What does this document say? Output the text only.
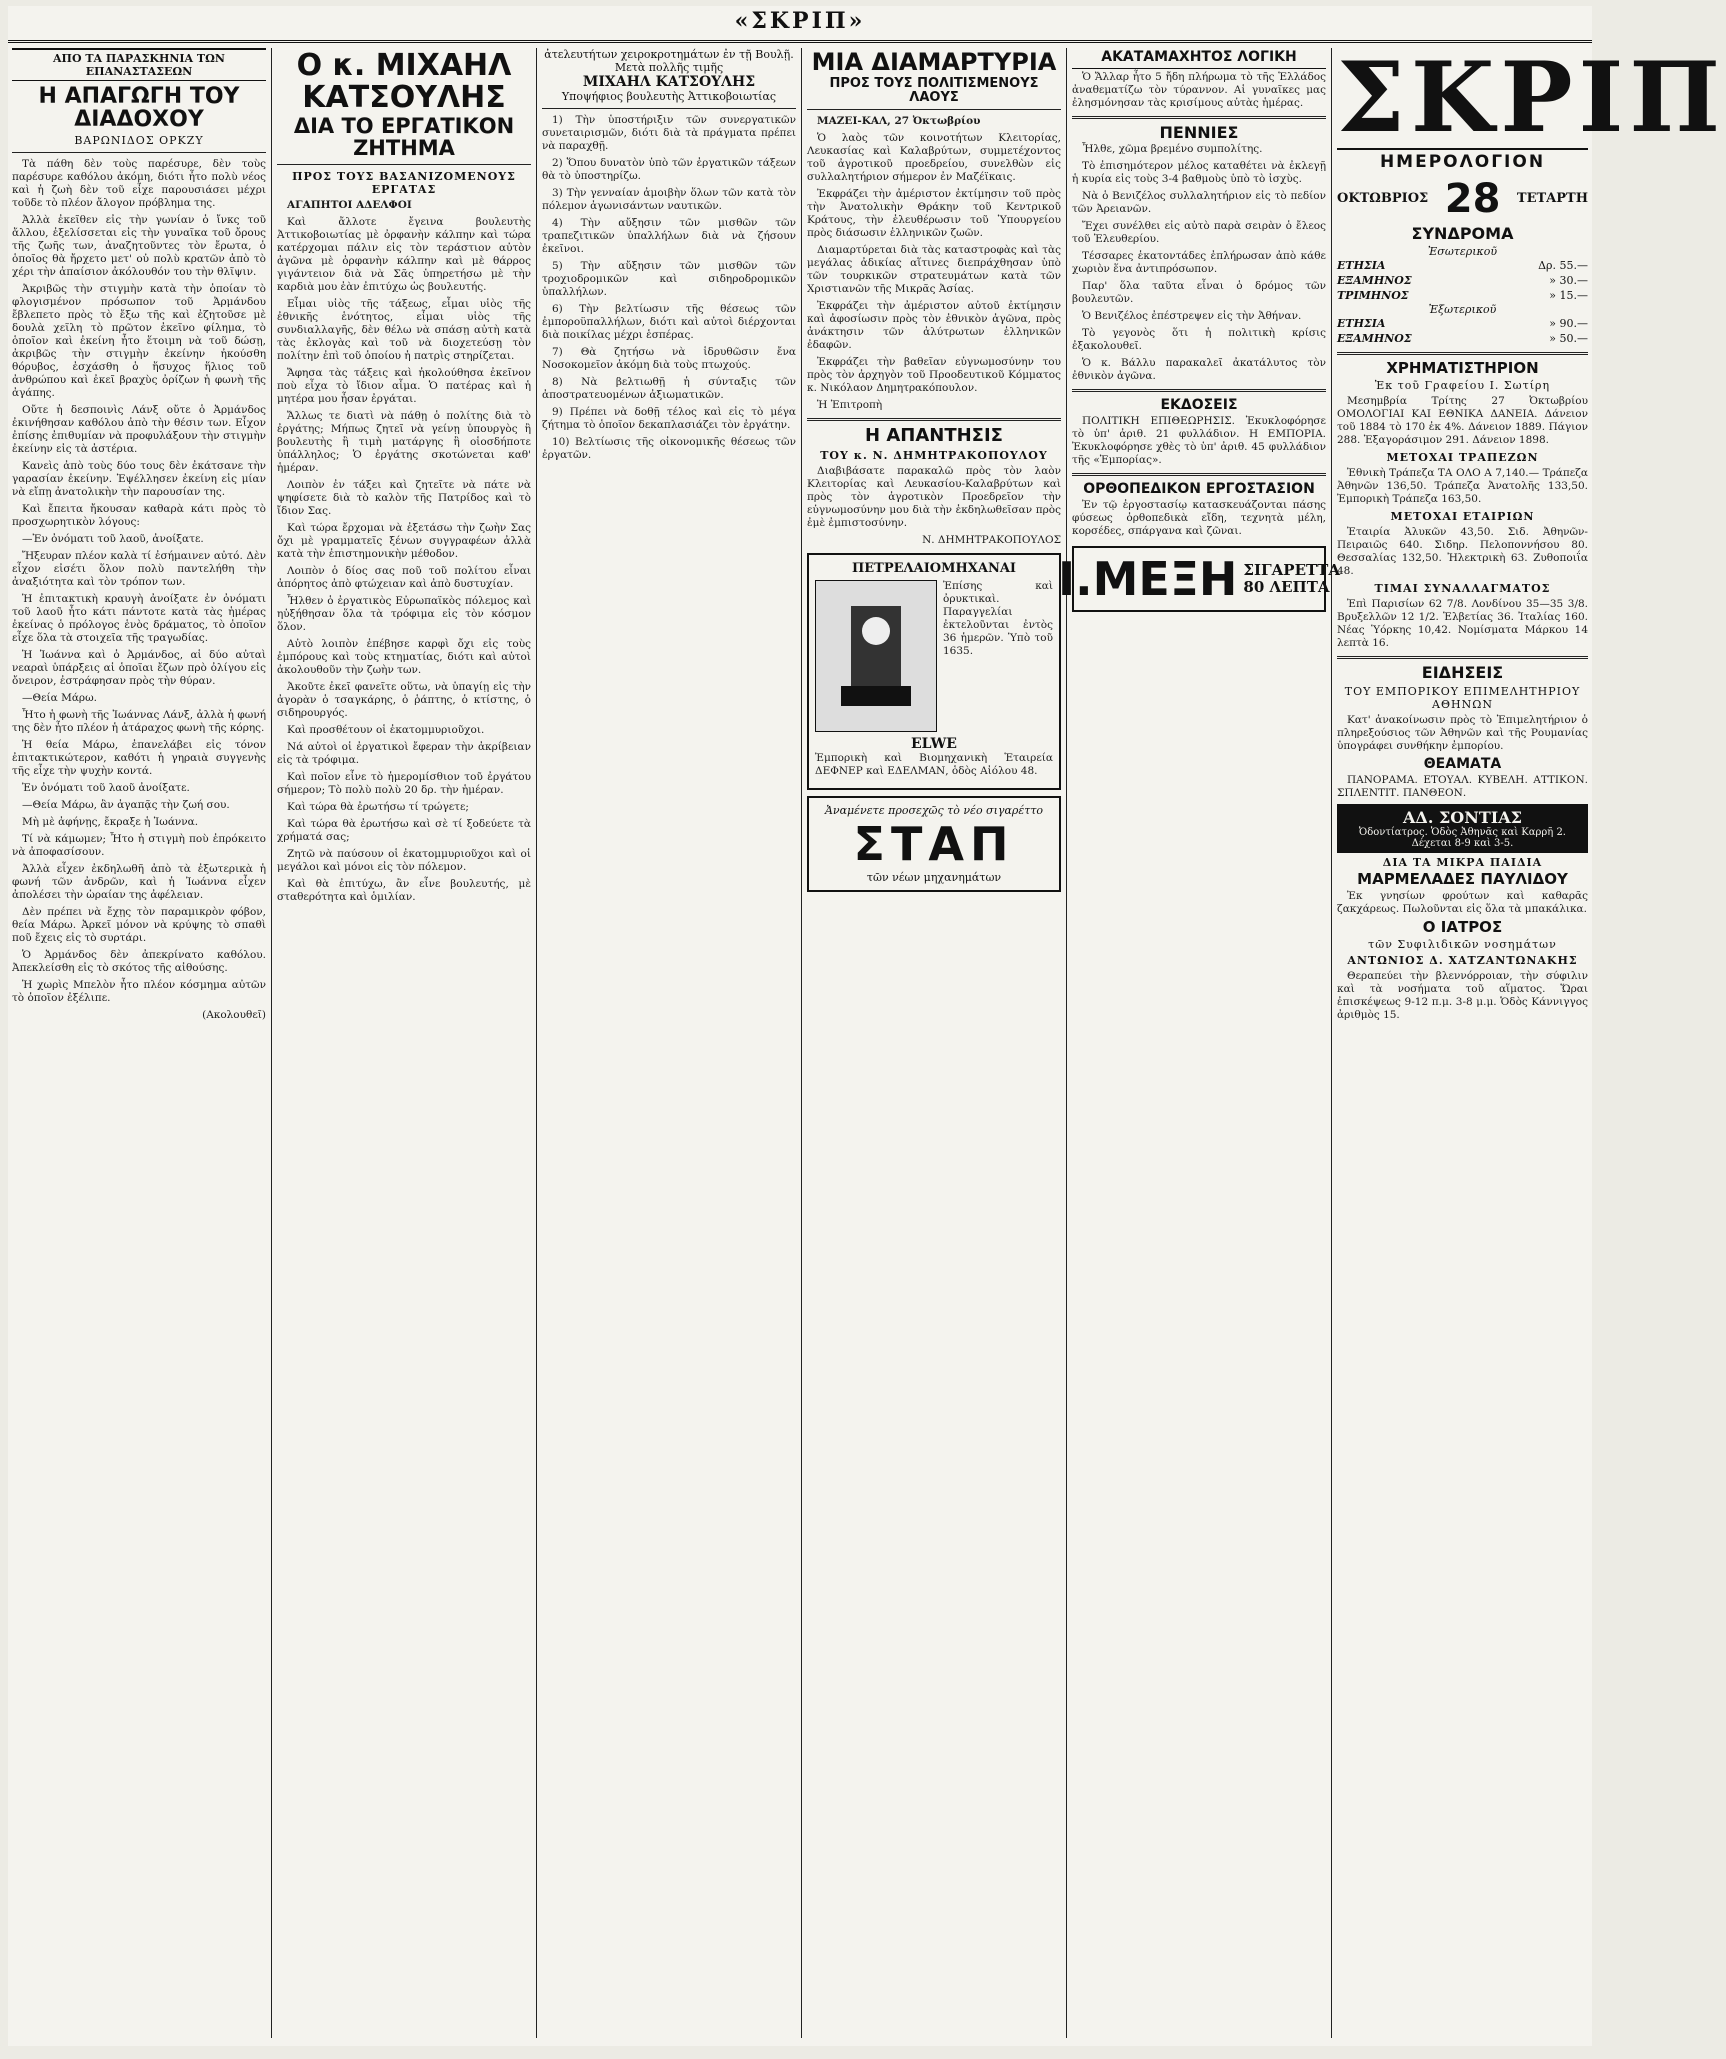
«ΣΚΡΙΠ»
ΑΠΟ ΤΑ ΠΑΡΑΣΚΗΝΙΑ ΤΩΝ ΕΠΑΝΑΣΤΑΣΕΩΝ
Η ΑΠΑΓΩΓΗ ΤΟΥ ΔΙΑΔΟΧΟΥ
ΒΑΡΩΝΙΔΟΣ ΟΡΚΖΥ
Τὰ πάθη δὲν τοὺς παρέσυρε, δὲν τοὺς παρέσυρε καθόλου ἀκόμη, διότι ἦτο πολὺ νέος καὶ ἡ ζωὴ δὲν τοῦ εἶχε παρουσιάσει μέχρι τοῦδε τὸ πλέον ἄλογον πρόβλημα της.
Ἀλλὰ ἐκεῖθεν εἰς τὴν γωνίαν ὁ ἴνκς τοῦ ἄλλου, ἐξελίσσεται εἰς τὴν γυναῖκα τοῦ ὄρους τῆς ζωῆς των, ἀναζητοῦντες τὸν ἔρωτα, ὁ ὁποῖος θὰ ἤρχετο μετ' οὐ πολὺ κρατῶν ἀπὸ τὸ χέρι τὴν ἀπαίσιον ἀκόλουθόν του τὴν θλῖψιν.
Ἀκριβῶς τὴν στιγμὴν κατὰ τὴν ὁποίαν τὸ φλογισμένον πρόσωπον τοῦ Ἀρμάνδου ἔβλεπετο πρὸς τὸ ἔξω τῆς καὶ ἐζητοῦσε μὲ δουλὰ χεῖλη τὸ πρῶτον ἐκεῖνο φίλημα, τὸ ὁποῖον καὶ ἐκείνη ἦτο ἕτοιμη νὰ τοῦ δώσῃ, ἀκριβῶς τὴν στιγμὴν ἐκείνην ἠκούσθη θόρυβος, ἐσχάσθη ὁ ἥσυχος ἥλιος τοῦ ἀνθρώπου καὶ ἐκεῖ βραχὺς ὀρίζων ἡ φωνὴ τῆς ἀγάπης.
Οὔτε ἡ δεσποινὶς Λάνξ οὔτε ὁ Ἀρμάνδος ἐκινήθησαν καθόλου ἀπὸ τὴν θέσιν των. Εἶχον ἐπίσης ἐπιθυμίαν νὰ προφυλάξουν τὴν στιγμὴν ἐκείνην εἰς τὰ ἀστέρια.
Κανεὶς ἀπὸ τοὺς δύο τους δὲν ἐκάτσανε τὴν γαρασίαν ἐκείνην. Ἐψέλλησεν ἐκείνη εἰς μίαν νὰ εἴπῃ ἀνατολικὴν τὴν παρουσίαν της.
Καὶ ἔπειτα ἤκουσαν καθαρὰ κάτι πρὸς τὸ προσχωρητικὸν λόγους:
—Ἐν ὀνόματι τοῦ λαοῦ, ἀνοίξατε.
Ἤξευραν πλέον καλὰ τί ἐσήμαινεν αὐτό. Δὲν εἶχον εἰσέτι ὅλον πολὺ παντελήθη τὴν ἀναξιότητα καὶ τὸν τρόπον των.
Ἡ ἐπιτακτικὴ κραυγὴ ἀνοίξατε ἐν ὀνόματι τοῦ λαοῦ ἦτο κάτι πάντοτε κατὰ τὰς ἡμέρας ἐκείνας ὁ πρόλογος ἑνὸς δράματος, τὸ ὁποῖον εἶχε ὅλα τὰ στοιχεῖα τῆς τραγωδίας.
Ἡ Ἰωάννα καὶ ὁ Ἀρμάνδος, αἱ δύο αὐταὶ νεαραὶ ὑπάρξεις αἱ ὁποῖαι ἔζων πρὸ ὀλίγου εἰς ὄνειρον, ἐστράφησαν πρὸς τὴν θύραν.
—Θεία Μάρω.
Ἦτο ἡ φωνὴ τῆς Ἰωάννας Λάνξ, ἀλλὰ ἡ φωνή της δὲν ἦτο πλέον ἡ ἀτάραχος φωνὴ τῆς κόρης.
Ἡ θεία Μάρω, ἐπανελάβει εἰς τόνον ἐπιτακτικώτερον, καθότι ἡ γηραιὰ συγγενὴς τῆς εἶχε τὴν ψυχὴν κοντά.
Ἐν ὀνόματι τοῦ λαοῦ ἀνοίξατε.
—Θεία Μάρω, ἂν ἀγαπᾷς τὴν ζωή σου.
Μὴ μὲ ἀφήνῃς, ἔκραξε ἡ Ἰωάννα.
Τί νὰ κάμωμεν; Ἦτο ἡ στιγμὴ ποὺ ἐπρόκειτο νὰ ἀποφασίσουν.
Ἀλλὰ εἶχεν ἐκδηλωθῆ ἀπὸ τὰ ἐξωτερικὰ ἡ φωνή τῶν ἀνδρῶν, καὶ ἡ Ἰωάννα εἶχεν ἀπολέσει τὴν ὡραίαν της ἀφέλειαν.
Δὲν πρέπει νὰ ἔχῃς τὸν παραμικρὸν φόβον, θεία Μάρω. Ἀρκεῖ μόνον νὰ κρύψης τὸ σπαθὶ ποῦ ἔχεις εἰς τὸ συρτάρι.
Ὁ Ἀρμάνδος δὲν ἀπεκρίνατο καθόλου. Ἀπεκλείσθη εἰς τὸ σκότος τῆς αἰθούσης.
Ἡ χωρὶς Μπελὸν ἦτο πλέον κόσμημα αὐτῶν τὸ ὁποῖον ἐξέλιπε.
(Ακολουθεῖ)
Ο κ. ΜΙΧΑΗΛ ΚΑΤΣΟΥΛΗΣ
ΔΙΑ ΤΟ ΕΡΓΑΤΙΚΟΝ ΖΗΤΗΜΑ
ΠΡΟΣ ΤΟΥΣ ΒΑΣΑΝΙΖΟΜΕΝΟΥΣ ΕΡΓΑΤΑΣ
ΑΓΑΠΗΤΟΙ ΑΔΕΛΦΟΙ
Καὶ ἄλλοτε ἔγεινα βουλευτὴς Ἀττικοβοιωτίας μὲ ὀρφανὴν κάλπην καὶ τώρα κατέρχομαι πάλιν εἰς τὸν τεράστιον αὐτὸν ἀγῶνα μὲ ὀρφανὴν κάλπην καὶ μὲ θάρρος γιγάντειον διὰ νὰ Σᾶς ὑπηρετήσω μὲ τὴν καρδιὰ μου ἐὰν ἐπιτύχω ὡς βουλευτής.
Εἶμαι υἱὸς τῆς τάξεως, εἶμαι υἱὸς τῆς ἐθνικῆς ἑνότητος, εἶμαι υἱὸς τῆς συνδιαλλαγῆς, δὲν θέλω νὰ σπάσῃ αὐτὴ κατὰ τὰς ἐκλογὰς καὶ τοῦ νὰ διοχετεύσῃ τὸν πολίτην ἐπὶ τοῦ ὁποίου ἡ πατρὶς στηρίζεται.
Ἄφησα τὰς τάξεις καὶ ἠκολούθησα ἐκεῖνον ποὺ εἶχα τὸ ἴδιον αἷμα. Ὁ πατέρας καὶ ἡ μητέρα μου ἦσαν ἐργάται.
Ἄλλως τε διατὶ νὰ πάθῃ ὁ πολίτης διὰ τὸ ἐργάτης; Μήπως ζητεῖ νὰ γείνῃ ὑπουργὸς ἢ βουλευτὴς ἢ τιμὴ ματάργης ἢ οἱοσδήποτε ὑπάλληλος; Ὁ ἐργάτης σκοτώνεται καθ' ἡμέραν.
Λοιπὸν ἐν τάξει καὶ ζητεῖτε νὰ πάτε νὰ ψηφίσετε διὰ τὸ καλὸν τῆς Πατρίδος καὶ τὸ ἴδιον Σας.
Καὶ τώρα ἔρχομαι νὰ ἐξετάσω τὴν ζωὴν Σας ὄχι μὲ γραμματεῖς ξένων συγγραφέων ἀλλὰ κατὰ τὴν ἐπιστημονικὴν μέθοδον.
Λοιπὸν ὁ δίος σας ποῦ τοῦ πολίτου εἶναι ἀπόρητος ἀπὸ φτώχειαν καὶ ἀπὸ δυστυχίαν.
Ἦλθεν ὁ ἐργατικὸς Εὐρωπαϊκὸς πόλεμος καὶ ηὐξήθησαν ὅλα τὰ τρόφιμα εἰς τὸν κόσμον ὅλον.
Αὐτὸ λοιπὸν ἐπέβησε καρφὶ ὄχι εἰς τοὺς ἐμπόρους καὶ τοὺς κτηματίας, διότι καὶ αὐτοὶ ἀκολουθοῦν τὴν ζωὴν των.
Ἀκοῦτε ἐκεῖ φανεῖτε οὕτω, νὰ ὑπαγίῃ εἰς τὴν ἀγορὰν ὁ τσαγκάρης, ὁ ῥάπτης, ὁ κτίστης, ὁ σιδηρουργός.
Καὶ προσθέτουν οἱ ἐκατομμυριοῦχοι.
Νά αὐτοὶ οἱ ἐργατικοὶ ἔφεραν τὴν ἀκρίβειαν εἰς τὰ τρόφιμα.
Καὶ ποῖον εἶνε τὸ ἡμερομίσθιον τοῦ ἐργάτου σήμερον; Τὸ πολὺ πολὺ 20 δρ. τὴν ἡμέραν.
Καὶ τώρα θὰ ἐρωτήσω τί τρώγετε;
Καὶ τώρα θὰ ἐρωτήσω καὶ σὲ τί ξοδεύετε τὰ χρήματά σας;
Ζητῶ νὰ παύσουν οἱ ἐκατομμυριοῦχοι καὶ οἱ μεγάλοι καὶ μόνοι εἰς τὸν πόλεμον.
Καὶ θὰ ἐπιτύχω, ἂν εἶνε βουλευτής, μὲ σταθερότητα καὶ ὁμιλίαν.
ἀτελευτήτων χειροκροτημάτων ἐν τῇ Βουλῇ.
Μετὰ πολλῆς τιμῆς
ΜΙΧΑΗΛ ΚΑΤΣΟΥΛΗΣ
Υποψήφιος βουλευτὴς Ἀττικοβοιωτίας
1) Τὴν ὑποστήριξιν τῶν συνεργατικῶν συνεταιρισμῶν, διότι διὰ τὰ πράγματα πρέπει νὰ παραχθῇ.
2) Ὅπου δυνατὸν ὑπὸ τῶν ἐργατικῶν τάξεων θὰ τὸ ὑποστηρίζω.
3) Τὴν γενναίαν ἀμοιβὴν ὅλων τῶν κατὰ τὸν πόλεμον ἀγωνισάντων ναυτικῶν.
4) Τὴν αὔξησιν τῶν μισθῶν τῶν τραπεζιτικῶν ὑπαλλήλων διὰ νὰ ζήσουν ἐκεῖνοι.
5) Τὴν αὔξησιν τῶν μισθῶν τῶν τροχιοδρομικῶν καὶ σιδηροδρομικῶν ὑπαλλήλων.
6) Τὴν βελτίωσιν τῆς θέσεως τῶν ἐμποροϋπαλλήλων, διότι καὶ αὐτοὶ διέρχονται διὰ ποικίλας μέχρι ἑσπέρας.
7) Θὰ ζητήσω νὰ ἱδρυθῶσιν ἔνα Νοσοκομεῖον ἀκόμη διὰ τοὺς πτωχούς.
8) Νὰ βελτιωθῇ ἡ σύνταξις τῶν ἀποστρατευομένων ἀξιωματικῶν.
9) Πρέπει νὰ δοθῇ τέλος καὶ εἰς τὸ μέγα ζήτημα τὸ ὁποῖον δεκαπλασιάζει τὸν ἐργάτην.
10) Βελτίωσις τῆς οἰκονομικῆς θέσεως τῶν ἐργατῶν.
ΜΙΑ ΔΙΑΜΑΡΤΥΡΙΑ
ΠΡΟΣ ΤΟΥΣ ΠΟΛΙΤΙΣΜΕΝΟΥΣ ΛΑΟΥΣ
ΜΑΖΕΙ-ΚΑΛ, 27 Ὀκτωβρίου
Ὁ λαὸς τῶν κοινοτήτων Κλειτορίας, Λευκασίας καὶ Καλαβρύτων, συμμετέχοντος τοῦ ἀγροτικοῦ προεδρείου, συνελθὼν εἰς συλλαλητήριον σήμερον ἐν Μαζέϊκαις.
Ἐκφράζει τὴν ἀμέριστον ἐκτίμησιν τοῦ πρὸς τὴν Ἀνατολικὴν Θράκην τοῦ Κεντρικοῦ Κράτους, τὴν ἐλευθέρωσιν τοῦ Ὑπουργείου πρὸς διάσωσιν ἑλληνικῶν ζωῶν.
Διαμαρτύρεται διὰ τὰς καταστροφὰς καὶ τὰς μεγάλας ἀδικίας αἵτινες διεπράχθησαν ὑπὸ τῶν τουρκικῶν στρατευμάτων κατὰ τῶν Χριστιανῶν τῆς Μικρᾶς Ἀσίας.
Ἐκφράζει τὴν ἀμέριστον αὐτοῦ ἐκτίμησιν καὶ ἀφοσίωσιν πρὸς τὸν ἐθνικὸν ἀγῶνα, πρὸς ἀνάκτησιν τῶν ἀλύτρωτων ἑλληνικῶν ἐδαφῶν.
Ἐκφράζει τὴν βαθεῖαν εὐγνωμοσύνην του πρὸς τὸν ἀρχηγὸν τοῦ Προοδευτικοῦ Κόμματος κ. Νικόλαον Δημητρακόπουλον.
Ἡ Ἐπιτροπὴ
Η ΑΠΑΝΤΗΣΙΣ
ΤΟΥ κ. Ν. ΔΗΜΗΤΡΑΚΟΠΟΥΛΟΥ
Διαβιβάσατε παρακαλῶ πρὸς τὸν λαὸν Κλειτορίας καὶ Λευκασίου-Καλαβρύτων καὶ πρὸς τὸν ἀγροτικὸν Προεδρεῖον τὴν εὐγνωμοσύνην μου διὰ τὴν ἐκδηλωθεῖσαν πρὸς ἐμὲ ἐμπιστοσύνην.
Ν. ΔΗΜΗΤΡΑΚΟΠΟΥΛΟΣ
ΠΕΤΡΕΛΑΙΟΜΗΧΑΝΑΙ
Ἐπίσης καὶ ὀρυκτικαὶ. Παραγγελίαι ἐκτελοῦνται ἐντὸς 36 ἡμερῶν. Ὑπὸ τοῦ 1635.
ELWE
Ἐμπορικὴ καὶ Βιομηχανικὴ Ἑταιρεία ΔΕΦΝΕΡ καὶ ΕΔΕΛΜΑΝ, ὁδὸς Αἰόλου 48.
Ἀναμένετε προσεχῶς τὸ νέο σιγαρέττο
ΣΤΑΠ
τῶν νέων μηχανημάτων
ΑΚΑΤΑΜΑΧΗΤΟΣ ΛΟΓΙΚΗ
Ὁ Ἄλλαρ ἦτο 5 ἤδη πλήρωμα τὸ τῆς Ἑλλάδος ἀναθεματίζω τὸν τύραννον. Αἱ γυναῖκες μας ἐλησμόνησαν τὰς κρισίμους αὐτὰς ἡμέρας.
ΠΕΝΝΙΕΣ
Ἦλθε, χῶμα βρεμένο συμπολίτης.
Τὸ ἐπισημότερον μέλος καταθέτει νὰ ἐκλεγῇ ἡ κυρία εἰς τοὺς 3-4 βαθμοὺς ὑπὸ τὸ ἰσχὺς.
Νὰ ὁ Βενιζέλος συλλαλητήριον εἰς τὸ πεδίον τῶν Ἀρειανῶν.
Ἔχει συνέλθει εἰς αὐτὸ παρὰ σειρὰν ὁ ἔλεος τοῦ Ἐλευθερίου.
Τέσσαρες ἑκατοντάδες ἐπλήρωσαν ἀπὸ κάθε χωριὸν ἕνα ἀντιπρόσωπον.
Παρ' ὅλα ταῦτα εἶναι ὁ δρόμος τῶν βουλευτῶν.
Ὁ Βενιζέλος ἐπέστρεψεν εἰς τὴν Ἀθήναν.
Τὸ γεγονὸς ὅτι ἡ πολιτικὴ κρίσις ἐξακολουθεῖ.
Ὁ κ. Βάλλυ παρακαλεῖ ἀκατάλυτος τὸν ἐθνικὸν ἀγῶνα.
ΕΚΔΟΣΕΙΣ
ΠΟΛΙΤΙΚΗ ΕΠΙΘΕΩΡΗΣΙΣ. Ἐκυκλοφόρησε τὸ ὑπ' ἀριθ. 21 φυλλάδιον. Η ΕΜΠΟΡΙΑ. Ἐκυκλοφόρησε χθὲς τὸ ὑπ' ἀριθ. 45 φυλλάδιον τῆς «Ἐμπορίας».
ΟΡΘΟΠΕΔΙΚΟΝ ΕΡΓΟΣΤΑΣΙΟΝ
Ἐν τῷ ἐργοστασίῳ κατασκευάζονται πάσης φύσεως ὀρθοπεδικὰ εἴδη, τεχνητὰ μέλη, κορσέδες, σπάργανα καὶ ζῶναι.
Ι.ΜΕΞΗ ΣΙΓΑΡΕΤΤΑ
80 ΛΕΠΤΑ
ΣΚΡΙΠ
ΗΜΕΡΟΛΟΓΙΟΝ
ΟΚΤΩΒΡΙΟΣ 28 ΤΕΤΑΡΤΗ
ΣΥΝΔΡΟΜΑ
Ἐσωτερικοῦ
ΕΤΗΣΙΑ	Δρ. 55.—
ΕΞΑΜΗΝΟΣ	» 30.—
ΤΡΙΜΗΝΟΣ	» 15.—
Ἐξωτερικοῦ
ΕΤΗΣΙΑ	» 90.—
ΕΞΑΜΗΝΟΣ	» 50.—
ΧΡΗΜΑΤΙΣΤΗΡΙΟΝ
Ἐκ τοῦ Γραφείου Ι. Σωτίρη
Μεσημβρία Τρίτης 27 Ὀκτωβρίου ΟΜΟΛΟΓΙΑΙ ΚΑΙ ΕΘΝΙΚΑ ΔΑΝΕΙΑ. Δάνειον τοῦ 1884 τὸ 170 ἐκ 4%. Δάνειον 1889. Πάγιον 288. Ἐξαγοράσιμον 291. Δάνειον 1898.
ΜΕΤΟΧΑΙ ΤΡΑΠΕΖΩΝ
Ἐθνικὴ Τράπεζα ΤΑ ΟΛΟ Α 7,140.— Τράπεζα Ἀθηνῶν 136,50. Τράπεζα Ἀνατολῆς 133,50. Ἐμπορικὴ Τράπεζα 163,50.
ΜΕΤΟΧΑΙ ΕΤΑΙΡΙΩΝ
Ἐταιρία Ἀλυκῶν 43,50. Σιδ. Ἀθηνῶν-Πειραιῶς 640. Σιδηρ. Πελοποννήσου 80. Θεσσαλίας 132,50. Ἠλεκτρικὴ 63. Ζυθοποιΐα 48.
ΤΙΜΑΙ ΣΥΝΑΛΛΑΓΜΑΤΟΣ
Ἐπὶ Παρισίων 62 7/8. Λονδίνου 35—35 3/8. Βρυξελλῶν 12 1/2. Ἑλβετίας 36. Ἰταλίας 160. Νέας Ὑόρκης 10,42. Νομίσματα Μάρκου 14 λεπτὰ 16.
ΕΙΔΗΣΕΙΣ
ΤΟΥ ΕΜΠΟΡΙΚΟΥ ΕΠΙΜΕΛΗΤΗΡΙΟΥ ΑΘΗΝΩΝ
Κατ' ἀνακοίνωσιν πρὸς τὸ Ἐπιμελητήριον ὁ πληρεξούσιος τῶν Ἀθηνῶν καὶ τῆς Ρουμανίας ὑπογράφει συνθήκην ἐμπορίου.
ΘΕΑΜΑΤΑ
ΠΑΝΟΡΑΜΑ. ΕΤΟΥΑΛ. ΚΥΒΕΛΗ. ΑΤΤΙΚΟΝ. ΣΠΛΕΝΤΙΤ. ΠΑΝΘΕΟΝ.
ΑΔ. ΣΟΝΤΙΑΣ
Ὀδοντίατρος. Ὁδὸς Ἀθηνᾶς καὶ Καρρῆ 2. Δέχεται 8-9 καὶ 3-5.
ΔΙΑ ΤΑ ΜΙΚΡΑ ΠΑΙΔΙΑ
ΜΑΡΜΕΛΑΔΕΣ ΠΑΥΛΙΔΟΥ
Ἐκ γνησίων φρούτων καὶ καθαρᾶς ζακχάρεως. Πωλοῦνται εἰς ὅλα τὰ μπακάλικα.
Ο ΙΑΤΡΟΣ
τῶν Συφιλιδικῶν νοσημάτων
ΑΝΤΩΝΙΟΣ Δ. ΧΑΤΖΑΝΤΩΝΑΚΗΣ
Θεραπεύει τὴν βλεννόρροιαν, τὴν σύφιλιν καὶ τὰ νοσήματα τοῦ αἵματος. Ὥραι ἐπισκέψεως 9-12 π.μ. 3-8 μ.μ. Ὁδὸς Κάννιγγος ἀριθμὸς 15.
